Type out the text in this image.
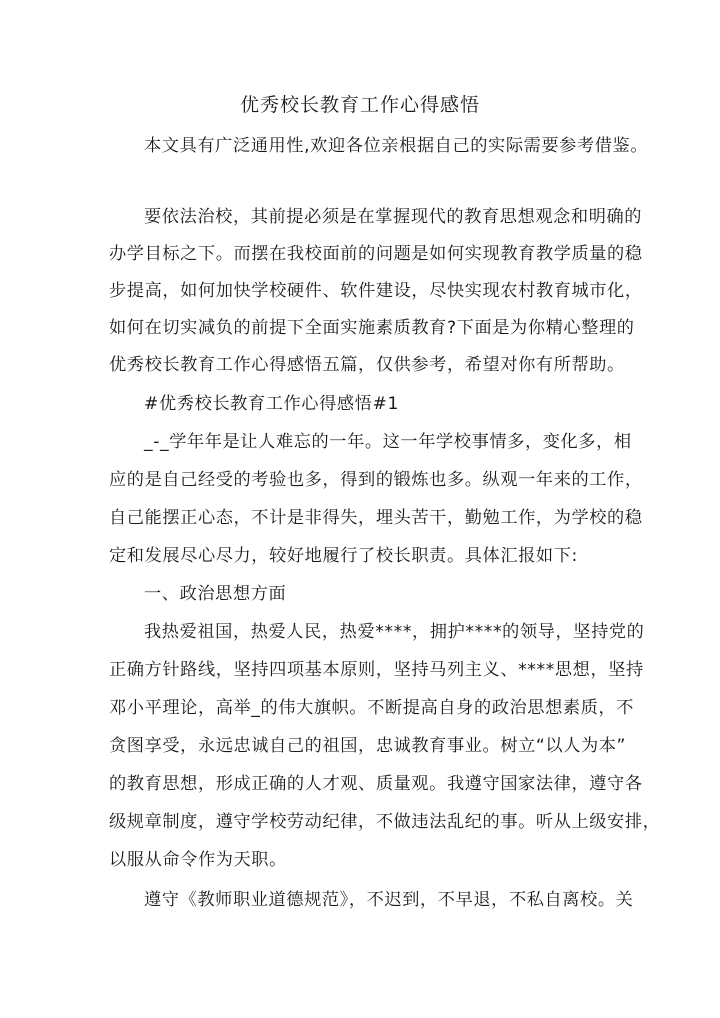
优秀校长教育工作心得感悟
本文具有广泛通用性,欢迎各位亲根据自己的实际需要参考借鉴。
要依法治校，其前提必须是在掌握现代的教育思想观念和明确的
办学目标之下。而摆在我校面前的问题是如何实现教育教学质量的稳
步提高，如何加快学校硬件、软件建设，尽快实现农村教育城市化，
如何在切实减负的前提下全面实施素质教育?下面是为你精心整理的
优秀校长教育工作心得感悟五篇，仅供参考，希望对你有所帮助。
#优秀校长教育工作心得感悟#1
_-_学年年是让人难忘的一年。这一年学校事情多，变化多，相
应的是自己经受的考验也多，得到的锻炼也多。纵观一年来的工作，
自己能摆正心态，不计是非得失，埋头苦干，勤勉工作，为学校的稳
定和发展尽心尽力，较好地履行了校长职责。具体汇报如下:
一、政治思想方面
我热爱祖国，热爱人民，热爱****，拥护****的领导，坚持党的
正确方针路线，坚持四项基本原则，坚持马列主义、****思想，坚持
邓小平理论，高举_的伟大旗帜。不断提高自身的政治思想素质，不
贪图享受，永远忠诚自己的祖国，忠诚教育事业。树立“以人为本”
的教育思想，形成正确的人才观、质量观。我遵守国家法律，遵守各
级规章制度，遵守学校劳动纪律，不做违法乱纪的事。听从上级安排，
以服从命令作为天职。
遵守《教师职业道德规范》，不迟到，不早退，不私自离校。关
